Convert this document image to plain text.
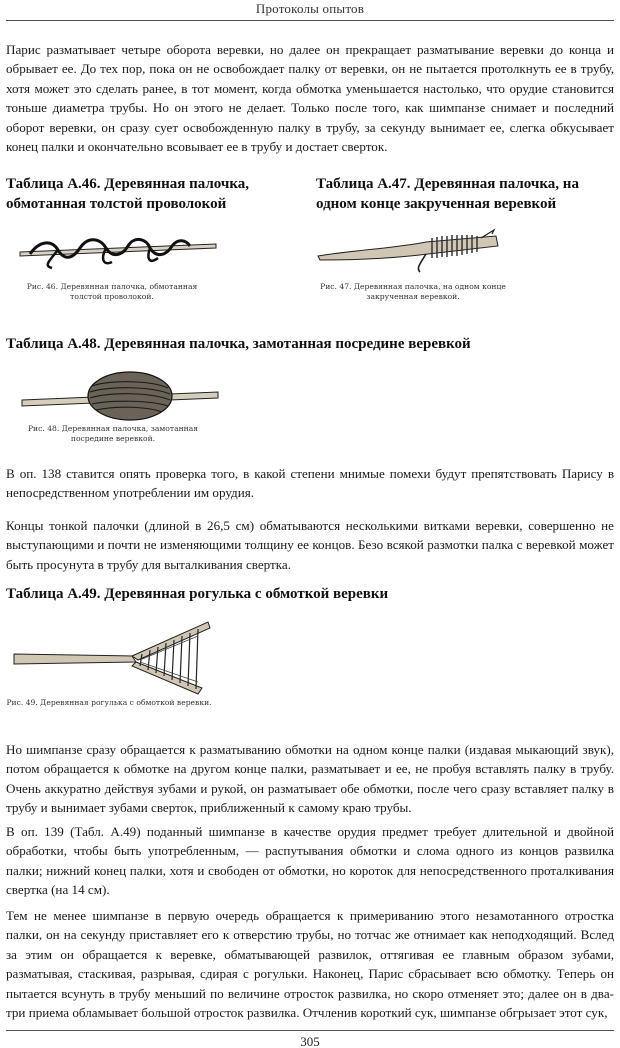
Протоколы опытов

Парис разматывает четыре оборота веревки, но далее он прекращает разматывание веревки до конца и обрывает ее. До тех пор, пока он не освобождает палку от веревки, он не пытается протолкнуть ее в трубу, хотя может это сделать ранее, в тот момент, когда обмотка уменьшается настолько, что орудие становится тоньше диаметра трубы. Но он этого не делает. Только после того, как шимпанзе снимает и последний оборот веревки, он сразу сует освобожденную палку в трубу, за секунду вынимает ее, слегка обкусывает конец палки и окончательно всовывает ее в трубу и достает сверток.

Таблица А.46. Деревянная палочка, обмотанная толстой проволокой
Рис. 46. Деревянная палочка, обмотанная толстой проволокой.
Таблица А.47. Деревянная палочка, на одном конце закрученная веревкой
Рис. 47. Деревянная палочка, на одном конце закрученная веревкой.
Таблица А.48. Деревянная палочка, замотанная посредине веревкой
Рис. 48. Деревянная палочка, замотанная посредине веревкой.

В оп. 138 ставится опять проверка того, в какой степени мнимые помехи будут препятствовать Парису в непосредственном употреблении им орудия.

Концы тонкой палочки (длиной в 26,5 см) обматываются несколькими витками веревки, совершенно не выступающими и почти не изменяющими толщину ее концов. Безо всякой размотки палка с веревкой может быть просунута в трубу для выталкивания свертка.

Таблица А.49. Деревянная рогулька с обмоткой веревки
Рис. 49. Деревянная рогулька с обмоткой веревки.

Но шимпанзе сразу обращается к разматыванию обмотки на одном конце палки (издавая мыкающий звук), потом обращается к обмотке на другом конце палки, разматывает и ее, не пробуя вставлять палку в трубу. Очень аккуратно действуя зубами и рукой, он разматывает обе обмотки, после чего сразу вставляет палку в трубу и вынимает зубами сверток, приближенный к самому краю трубы.

В оп. 139 (Табл. А.49) поданный шимпанзе в качестве орудия предмет требует длительной и двойной обработки, чтобы быть употребленным, — распутывания обмотки и слома одного из концов развилка палки; нижний конец палки, хотя и свободен от обмотки, но короток для непосредственного проталкивания свертка (на 14 см).

Тем не менее шимпанзе в первую очередь обращается к примериванию этого незамотанного отростка палки, он на секунду приставляет его к отверстию трубы, но тотчас же отнимает как неподходящий. Вслед за этим он обращается к веревке, обматывающей развилок, оттягивая ее главным образом зубами, разматывая, стаскивая, разрывая, сдирая с рогульки. Наконец, Парис сбрасывает всю обмотку. Теперь он пытается всунуть в трубу меньший по величине отросток развилка, но скоро отменяет это; далее он в два-три приема обламывает большой отросток развилка. Отчленив короткий сук, шимпанзе обгрызает этот сук,

305
